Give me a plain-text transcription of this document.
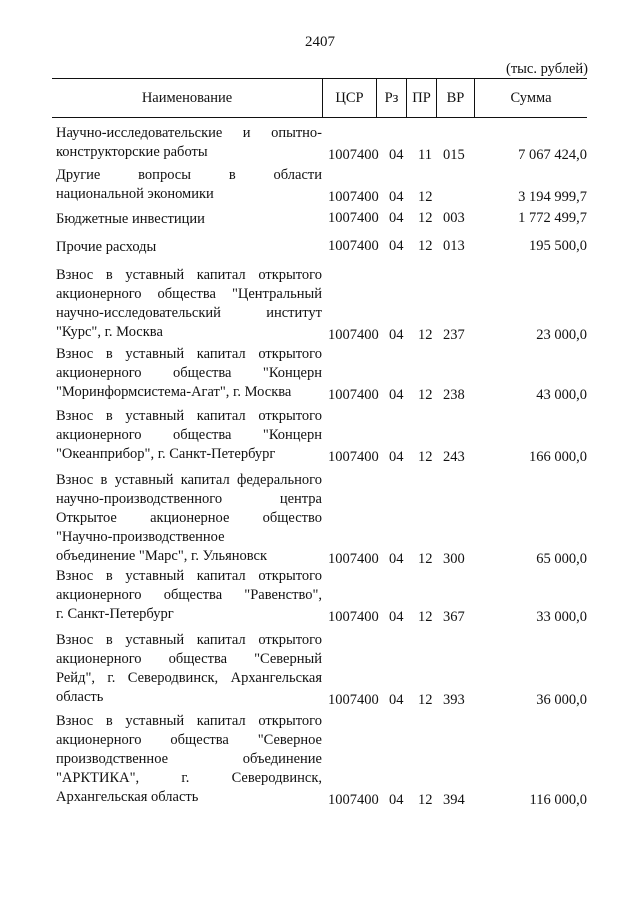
2407
(тыс. рублей)
Наименование	ЦСР	Рз ПР	ВР	Сумма
Научно-исследовательские и опытно-
конструкторские работы	1007400 04 11 015	7 067 424,0
Другие вопросы в области
национальной экономики	1007400 04 12	3 194 999,7
Бюджетные инвестиции	1007400 04 12 003	1 772 499,7
Прочие расходы	1007400 04 12 013	195 500,0
Взнос в уставный капитал открытого
акционерного общества "Центральный
научно-исследовательский институт
"Курс", г. Москва	1007400 04 12 237	23 000,0
Взнос в уставный капитал открытого
акционерного общества "Концерн
"Моринформсистема-Агат", г. Москва	1007400 04 12 238	43 000,0
Взнос в уставный капитал открытого
акционерного общества "Концерн
"Океанприбор", г. Санкт-Петербург	1007400 04 12 243	166 000,0
Взнос в уставный капитал федерального
научно-производственного центра
Открытое акционерное общество
"Научно-производственное
объединение "Марс", г. Ульяновск	1007400 04 12 300	65 000,0
Взнос в уставный капитал открытого
акционерного общества "Равенство",
г. Санкт-Петербург	1007400 04 12 367	33 000,0
Взнос в уставный капитал открытого
акционерного общества "Северный
Рейд", г. Северодвинск, Архангельская
область	1007400 04 12 393	36 000,0
Взнос в уставный капитал открытого
акционерного общества "Северное
производственное объединение
"АРКТИКА", г. Северодвинск,
Архангельская область	1007400 04 12 394	116 000,0
